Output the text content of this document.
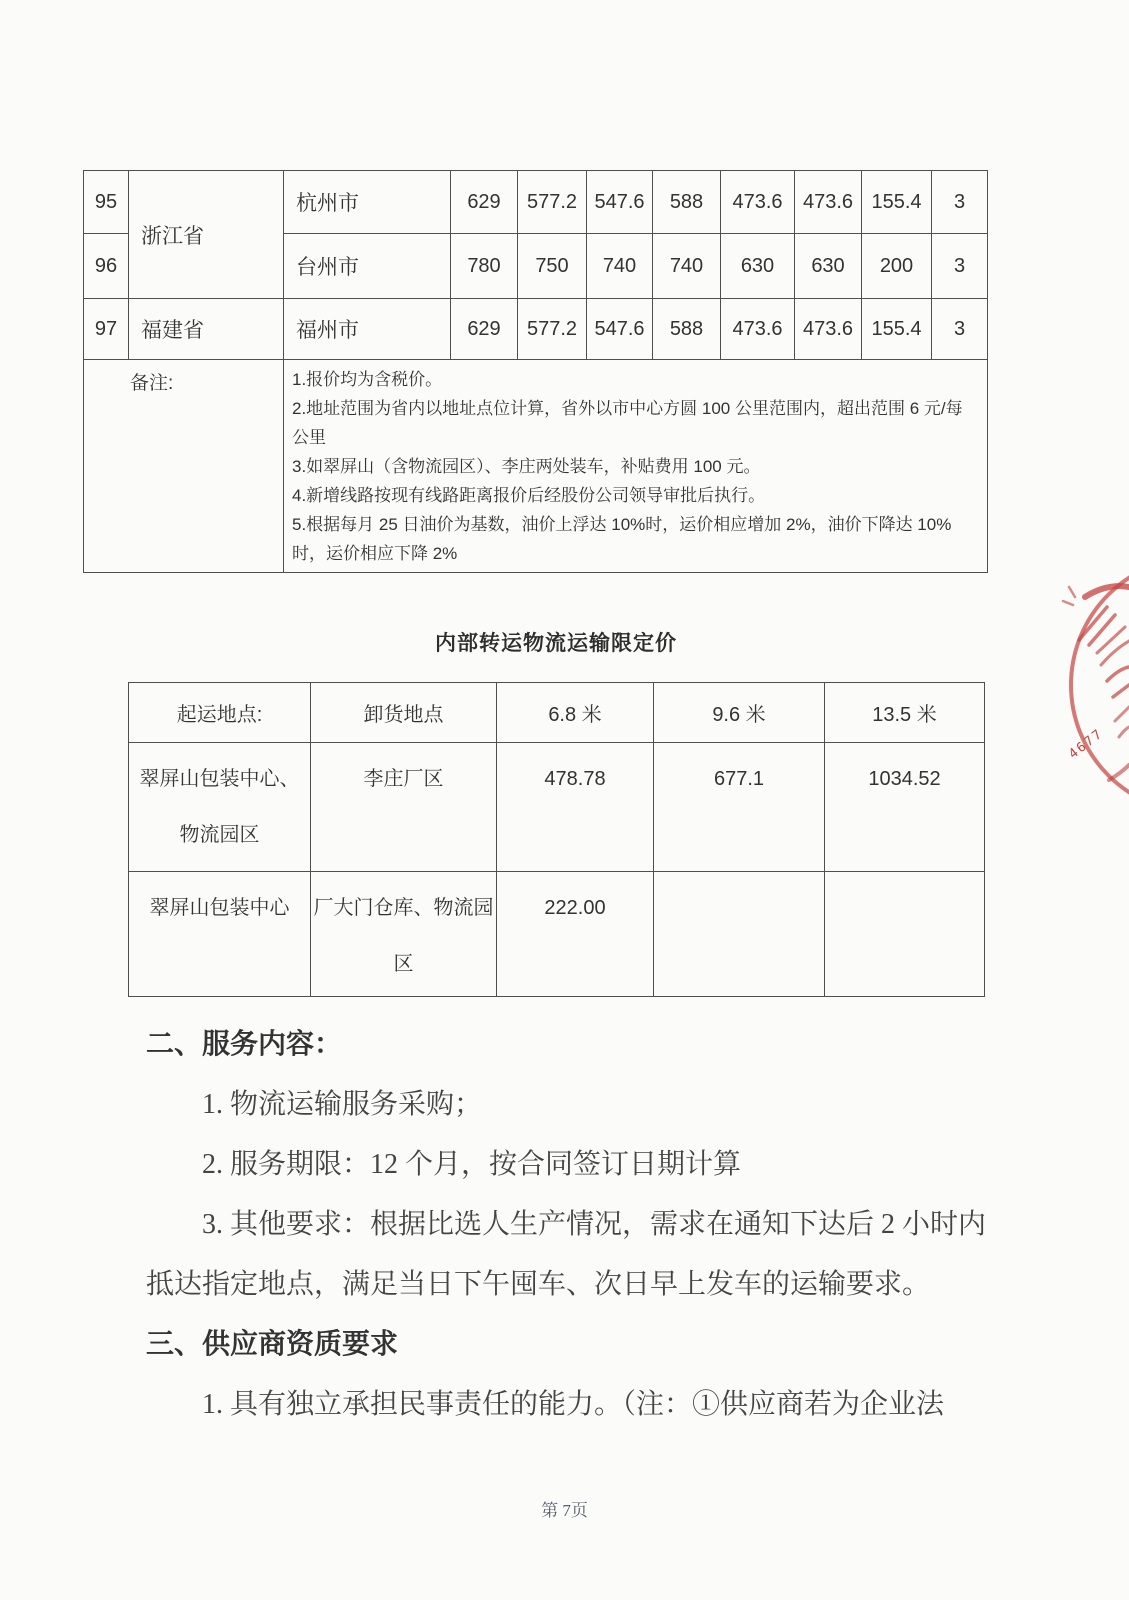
95	浙江省	杭州市	629	577.2	547.6	588	473.6	473.6	155.4	3
96		台州市	780	750	740	740	630	630	200	3
97	福建省	福州市	629	577.2	547.6	588	473.6	473.6	155.4	3
备注:		1.报价均为含税价。
2.地址范围为省内以地址点位计算，省外以市中心方圆 100 公里范围内，超出范围 6 元/每公里
3.如翠屏山（含物流园区）、李庄两处装车，补贴费用 100 元。
4.新增线路按现有线路距离报价后经股份公司领导审批后执行。
5.根据每月 25 日油价为基数，油价上浮达 10%时，运价相应增加 2%，油价下降达 10%时，运价相应下降 2%								
内部转运物流运输限定价
起运地点:	卸货地点	6.8 米	9.6 米	13.5 米
翠屏山包装中心、物流园区	李庄厂区	478.78	677.1	1034.52
翠屏山包装中心	厂大门仓库、物流园区	222.00		

二、服务内容：

1. 物流运输服务采购；

2. 服务期限：12 个月，按合同签订日期计算

3. 其他要求：根据比选人生产情况，需求在通知下达后 2 小时内抵达指定地点，满足当日下午囤车、次日早上发车的运输要求。

三、供应商资质要求

1. 具有独立承担民事责任的能力。（注：①供应商若为企业法

第 7页
4677
